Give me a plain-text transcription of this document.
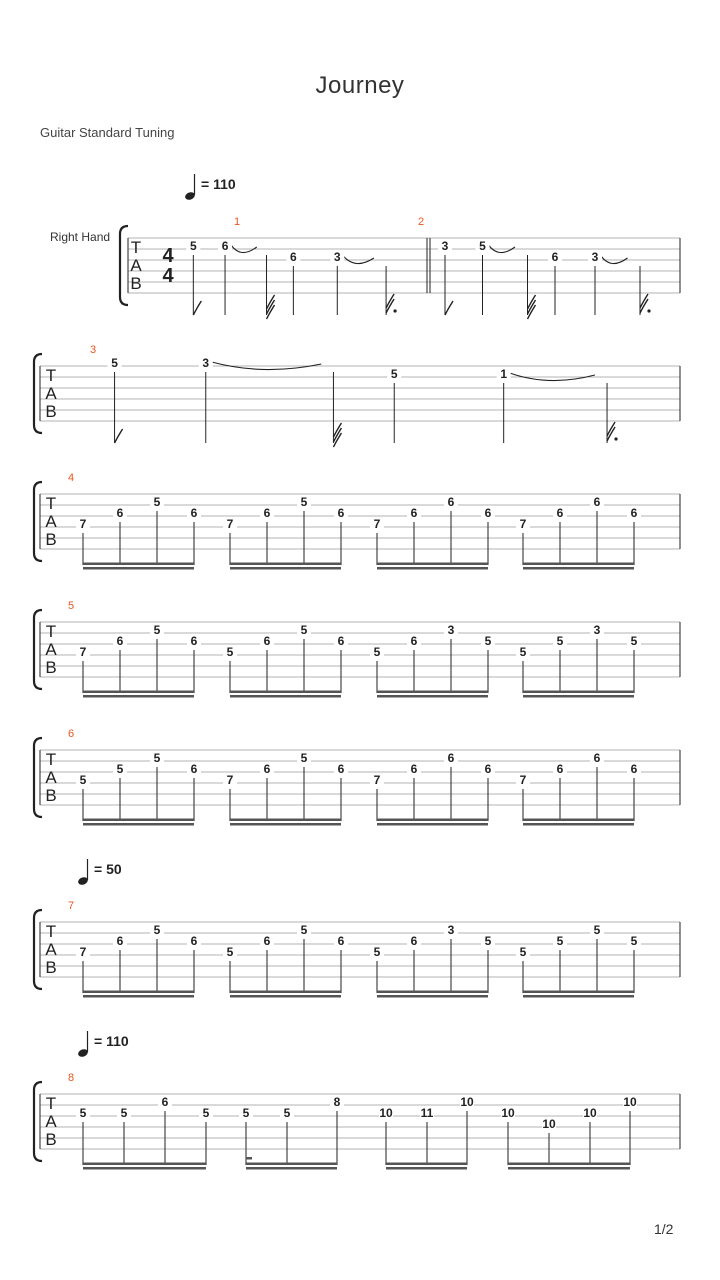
Journey
Guitar Standard Tuning
1/2
T
A
B
T
A
B
T
A
B
T
A
B
T
A
B
T
A
B
T
A
B
Right Hand
4
4
= 110
= 50
= 110
1
5 6
6	3
2
3	5
6	3
3
5	3
5	1
4
7
6
5
6
7
6
5
6
7
6
6
6
7
6
6
6
5
7
6
5
6
5
6
5
6
5
6
3
5
5
5
3
5
6
5
5
5
6
7
6
5
6
7
6
6
6
7
6
6
6
7
7
6
5
6
5
6
5
6
5
6
3
5
5
5
5
5
8
5	5
6
5	5	5
8
10 11
10
10
10
10
10
